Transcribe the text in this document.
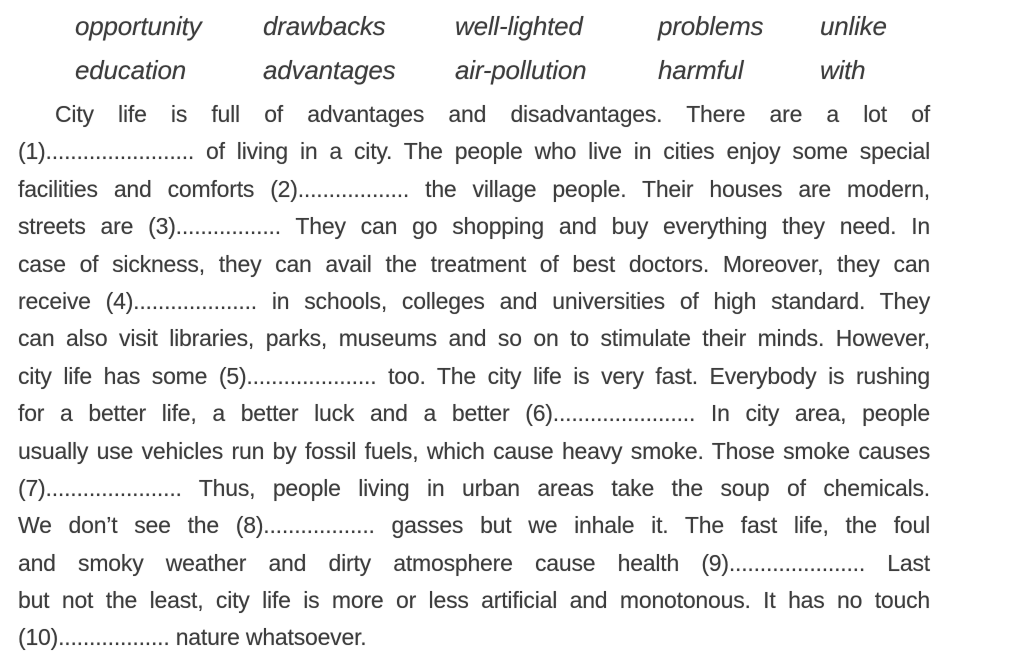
opportunity	drawbacks	well-lighted	problems	unlike
education	advantages	air-pollution	harmful	with
City life is full of advantages and disadvantages. There are a lot of
(1)........................ of living in a city. The people who live in cities enjoy some special
facilities and comforts (2).................. the village people. Their houses are modern,
streets are (3)................. They can go shopping and buy everything they need. In
case of sickness, they can avail the treatment of best doctors. Moreover, they can
receive (4).................... in schools, colleges and universities of high standard. They
can also visit libraries, parks, museums and so on to stimulate their minds. However,
city life has some (5)..................... too. The city life is very fast. Everybody is rushing
for a better life, a better luck and a better (6)....................... In city area, people
usually use vehicles run by fossil fuels, which cause heavy smoke. Those smoke causes
(7)...................... Thus, people living in urban areas take the soup of chemicals.
We don’t see the (8).................. gasses but we inhale it. The fast life, the foul
and smoky weather and dirty atmosphere cause health (9)...................... Last
but not the least, city life is more or less artificial and monotonous. It has no touch
(10).................. nature whatsoever.
